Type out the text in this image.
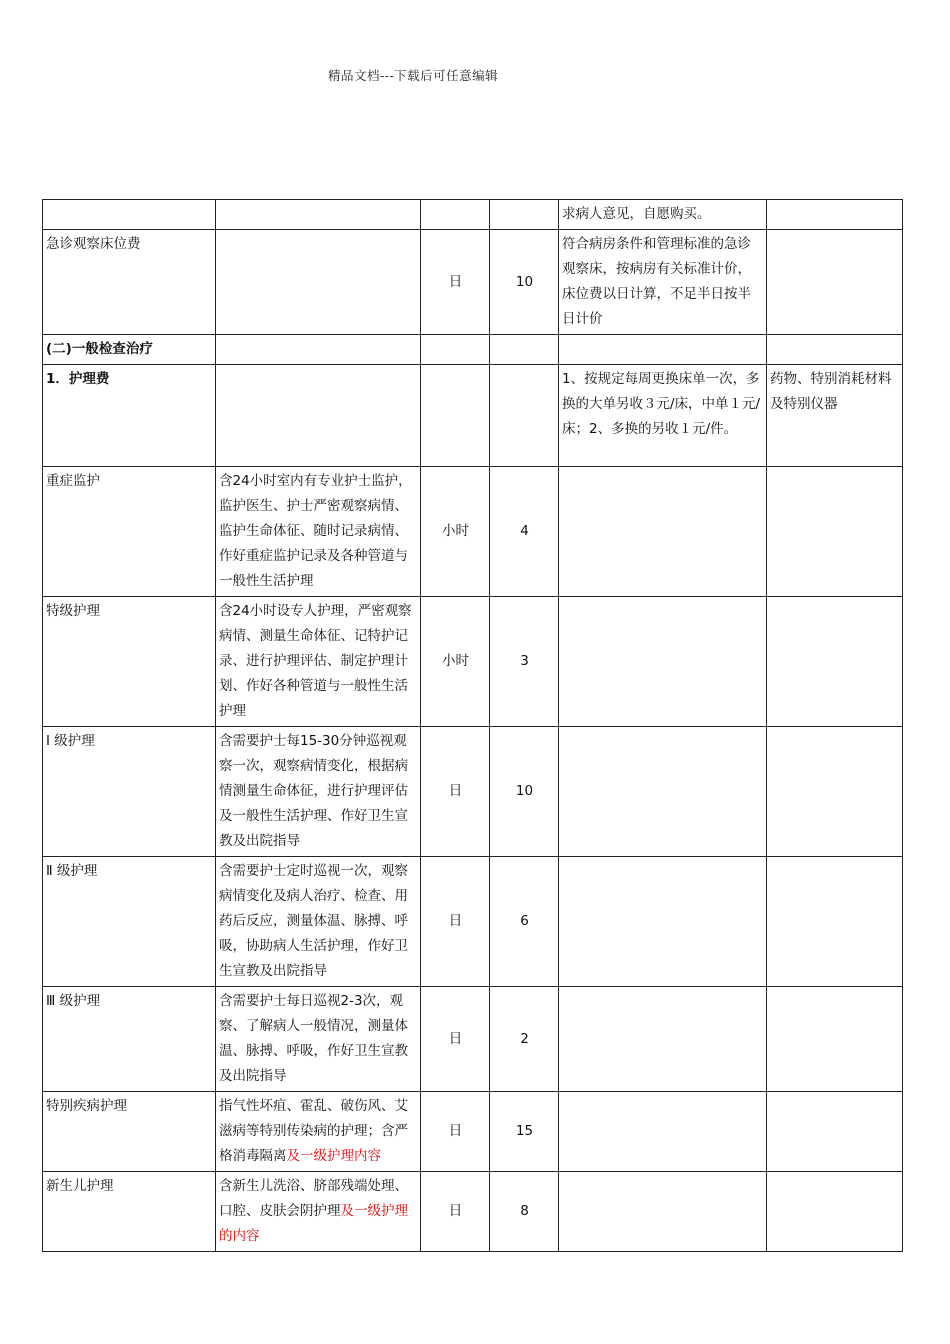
精品文档---下载后可任意编辑
				求病人意见，自愿购买。	
急诊观察床位费		日	10	符合病房条件和管理标准的急诊观察床，按病房有关标准计价，床位费以日计算，不足半日按半日计价	
(二)一般检查治疗					
1．护理费				1、按规定每周更换床单一次，多换的大单另收３元/床，中单１元/床；2、多换的另收１元/件。	药物、特别消耗材料及特别仪器
重症监护	含24小时室内有专业护士监护，监护医生、护士严密观察病情、监护生命体征、随时记录病情、作好重症监护记录及各种管道与一般性生活护理	小时	4		
特级护理	含24小时设专人护理，严密观察病情、测量生命体征、记特护记录、进行护理评估、制定护理计划、作好各种管道与一般性生活护理	小时	3		
Ⅰ 级护理	含需要护士每15-30分钟巡视观察一次，观察病情变化，根据病情测量生命体征，进行护理评估及一般性生活护理、作好卫生宣教及出院指导	日	10		
Ⅱ 级护理	含需要护士定时巡视一次，观察病情变化及病人治疗、检查、用药后反应，测量体温、脉搏、呼吸，协助病人生活护理，作好卫生宣教及出院指导	日	6		
Ⅲ 级护理	含需要护士每日巡视2-3次，观察、了解病人一般情况，测量体温、脉搏、呼吸，作好卫生宣教及出院指导	日	2		
特别疾病护理	指气性坏疽、霍乱、破伤风、艾滋病等特别传染病的护理；含严格消毒隔离及一级护理内容	日	15		
新生儿护理	含新生儿洗浴、脐部残端处理、口腔、皮肤会阴护理及一级护理的内容	日	8		
